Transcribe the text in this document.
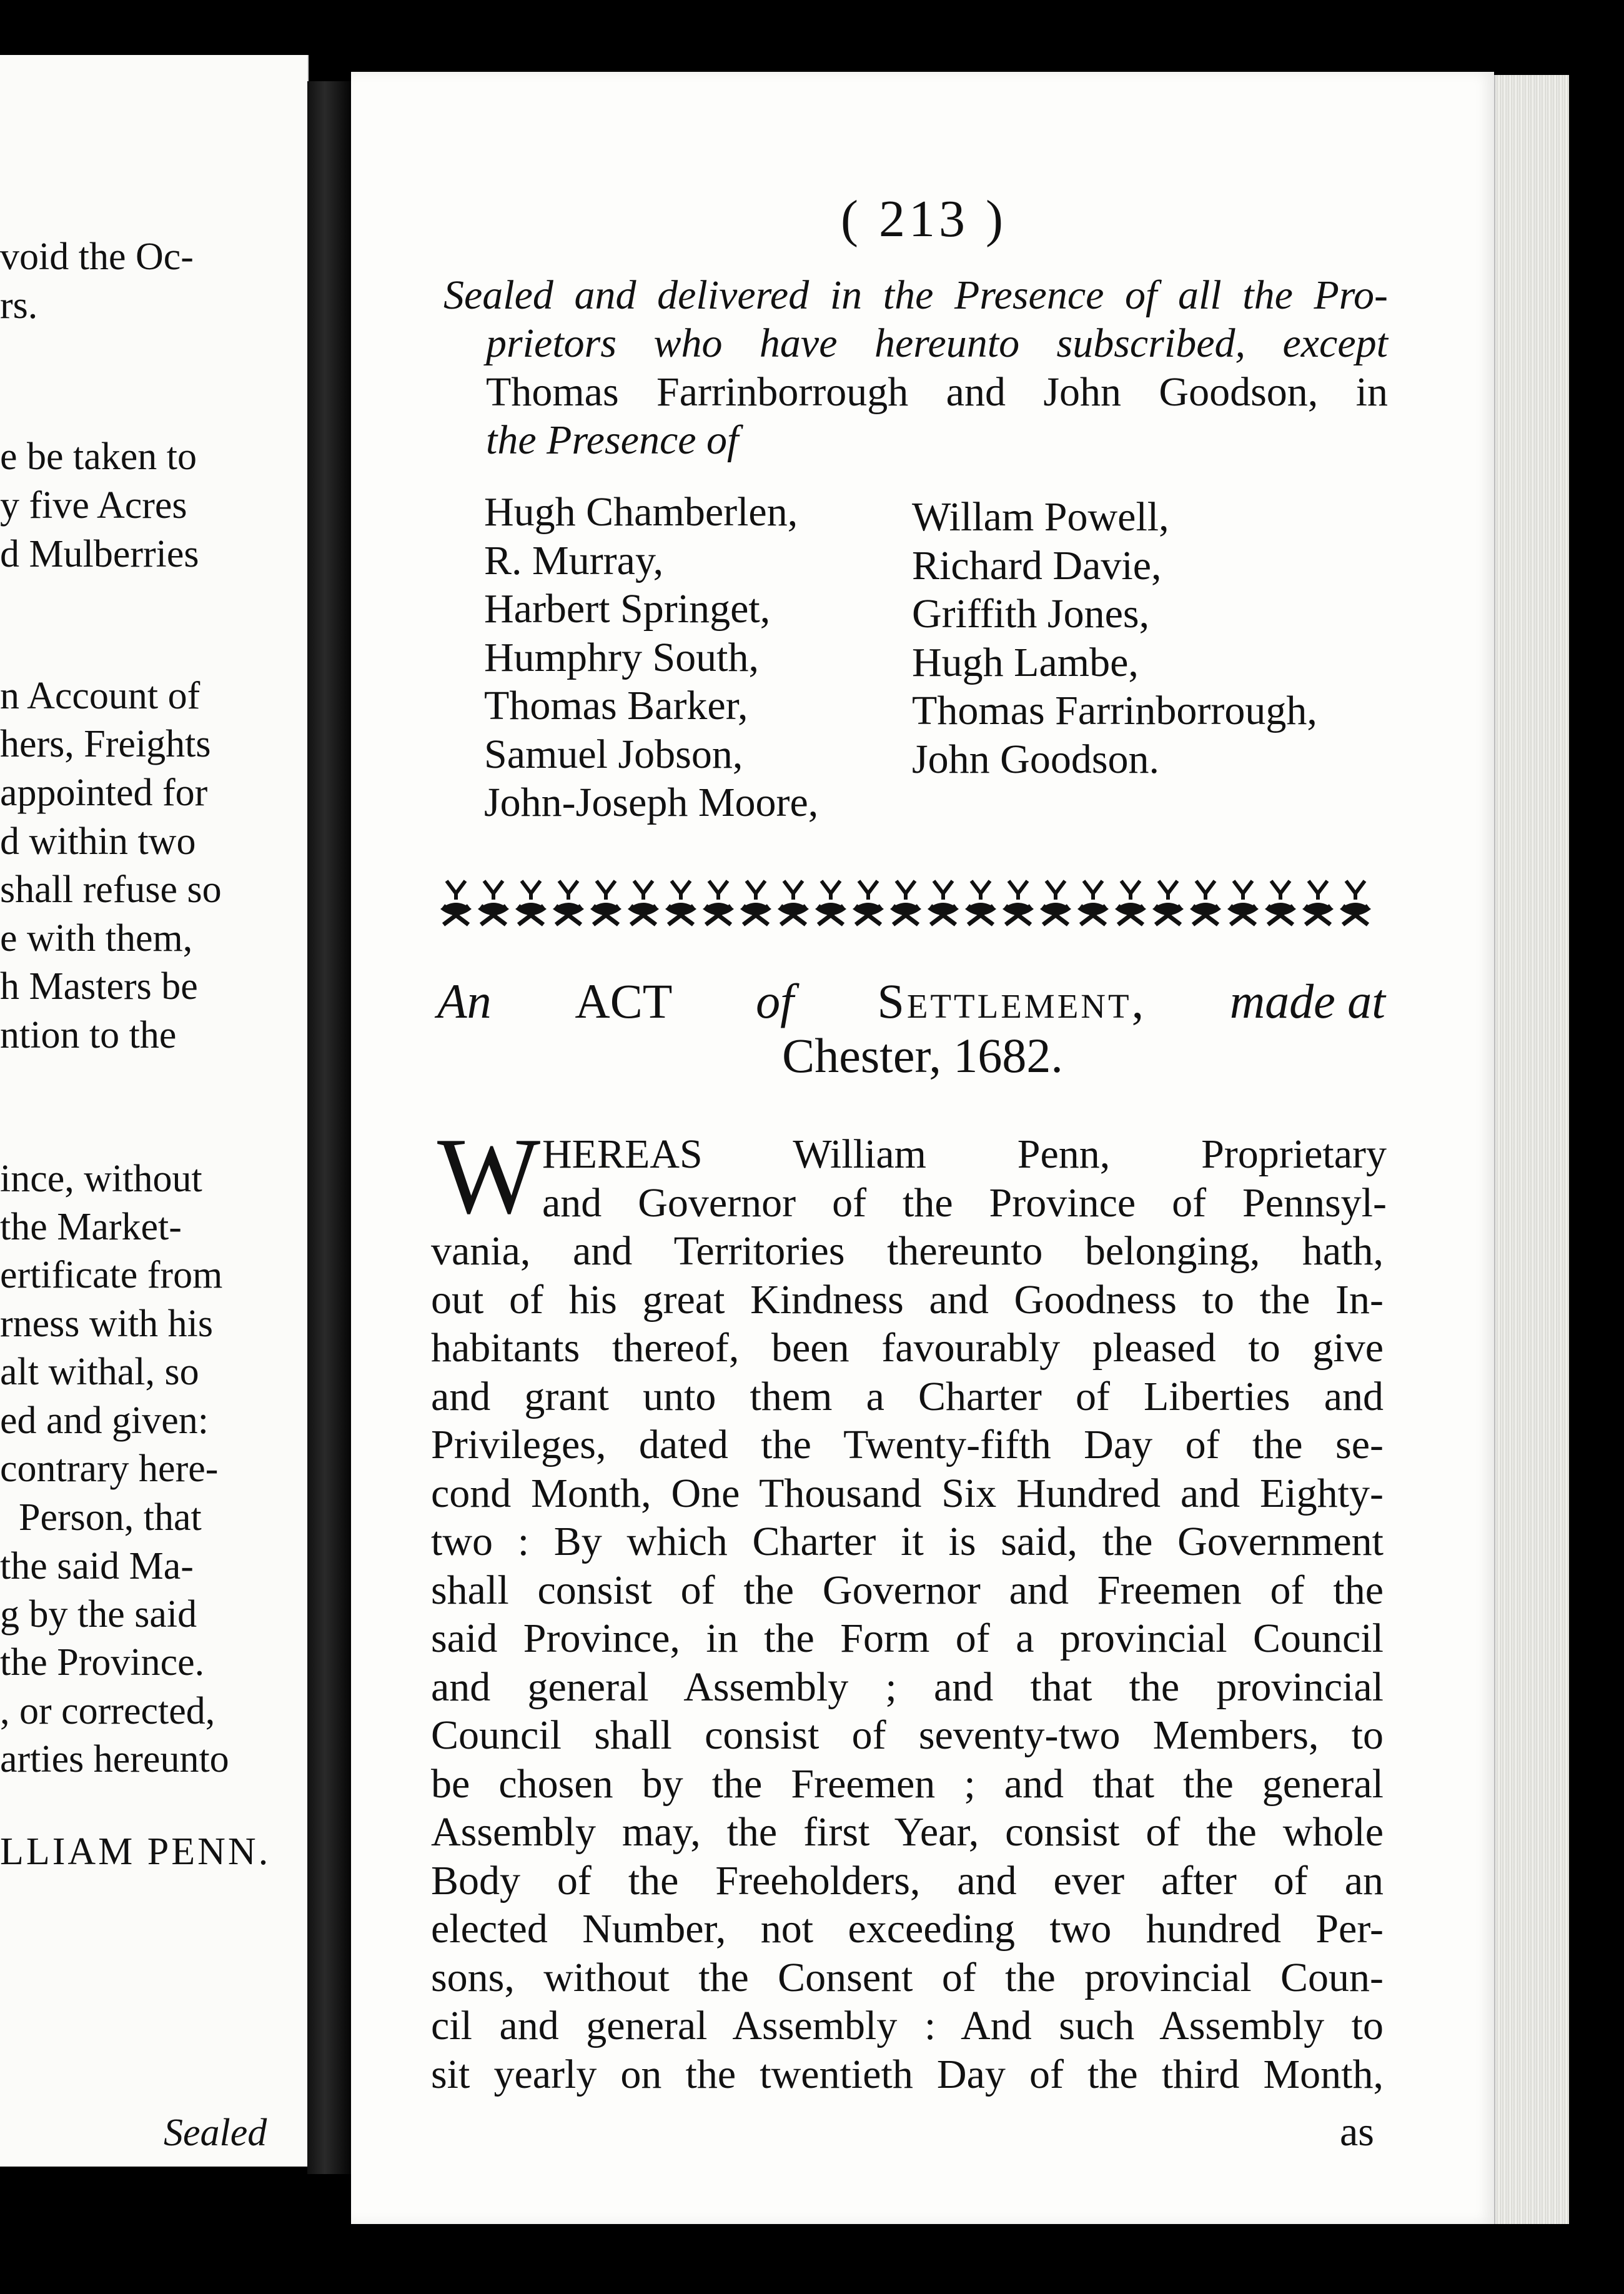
void the Oc-
rs.
e be taken to
y five Acres
d Mulberries
n Account of
hers, Freights
appointed for
d within two
shall refuse so
e with them,
h Masters be
ntion to the
ince, without
the Market-
ertificate from
rness with his
alt withal, so
ed and given:
contrary here-
Person, that
the said Ma-
g by the said
the Province.
, or corrected,
arties hereunto
LLIAM PENN.
Sealed
( 213 )
Sealed and delivered in the Presence of all the Pro-
prietors who have hereunto subscribed, except
Thomas Farrinborrough and John Goodson, in
the Presence of
Hugh Chamberlen,
R. Murray,
Harbert Springet,
Humphry South,
Thomas Barker,
Samuel Jobson,
John-Joseph Moore,
Willam Powell,
Richard Davie,
Griffith Jones,
Hugh Lambe,
Thomas Farrinborrough,
John Goodson.
An ACT of Settlement, made at
Chester, 1682.
W HEREAS William Penn, Proprietary
and Governor of the Province of Pennsyl-
vania, and Territories thereunto belonging, hath,
out of his great Kindness and Goodness to the In-
habitants thereof, been favourably pleased to give
and grant unto them a Charter of Liberties and
Privileges, dated the Twenty-fifth Day of the se-
cond Month, One Thousand Six Hundred and Eighty-
two : By which Charter it is said, the Government
shall consist of the Governor and Freemen of the
said Province, in the Form of a provincial Council
and general Assembly ; and that the provincial
Council shall consist of seventy-two Members, to
be chosen by the Freemen ; and that the general
Assembly may, the first Year, consist of the whole
Body of the Freeholders, and ever after of an
elected Number, not exceeding two hundred Per-
sons, without the Consent of the provincial Coun-
cil and general Assembly : And such Assembly to
sit yearly on the twentieth Day of the third Month,
as
